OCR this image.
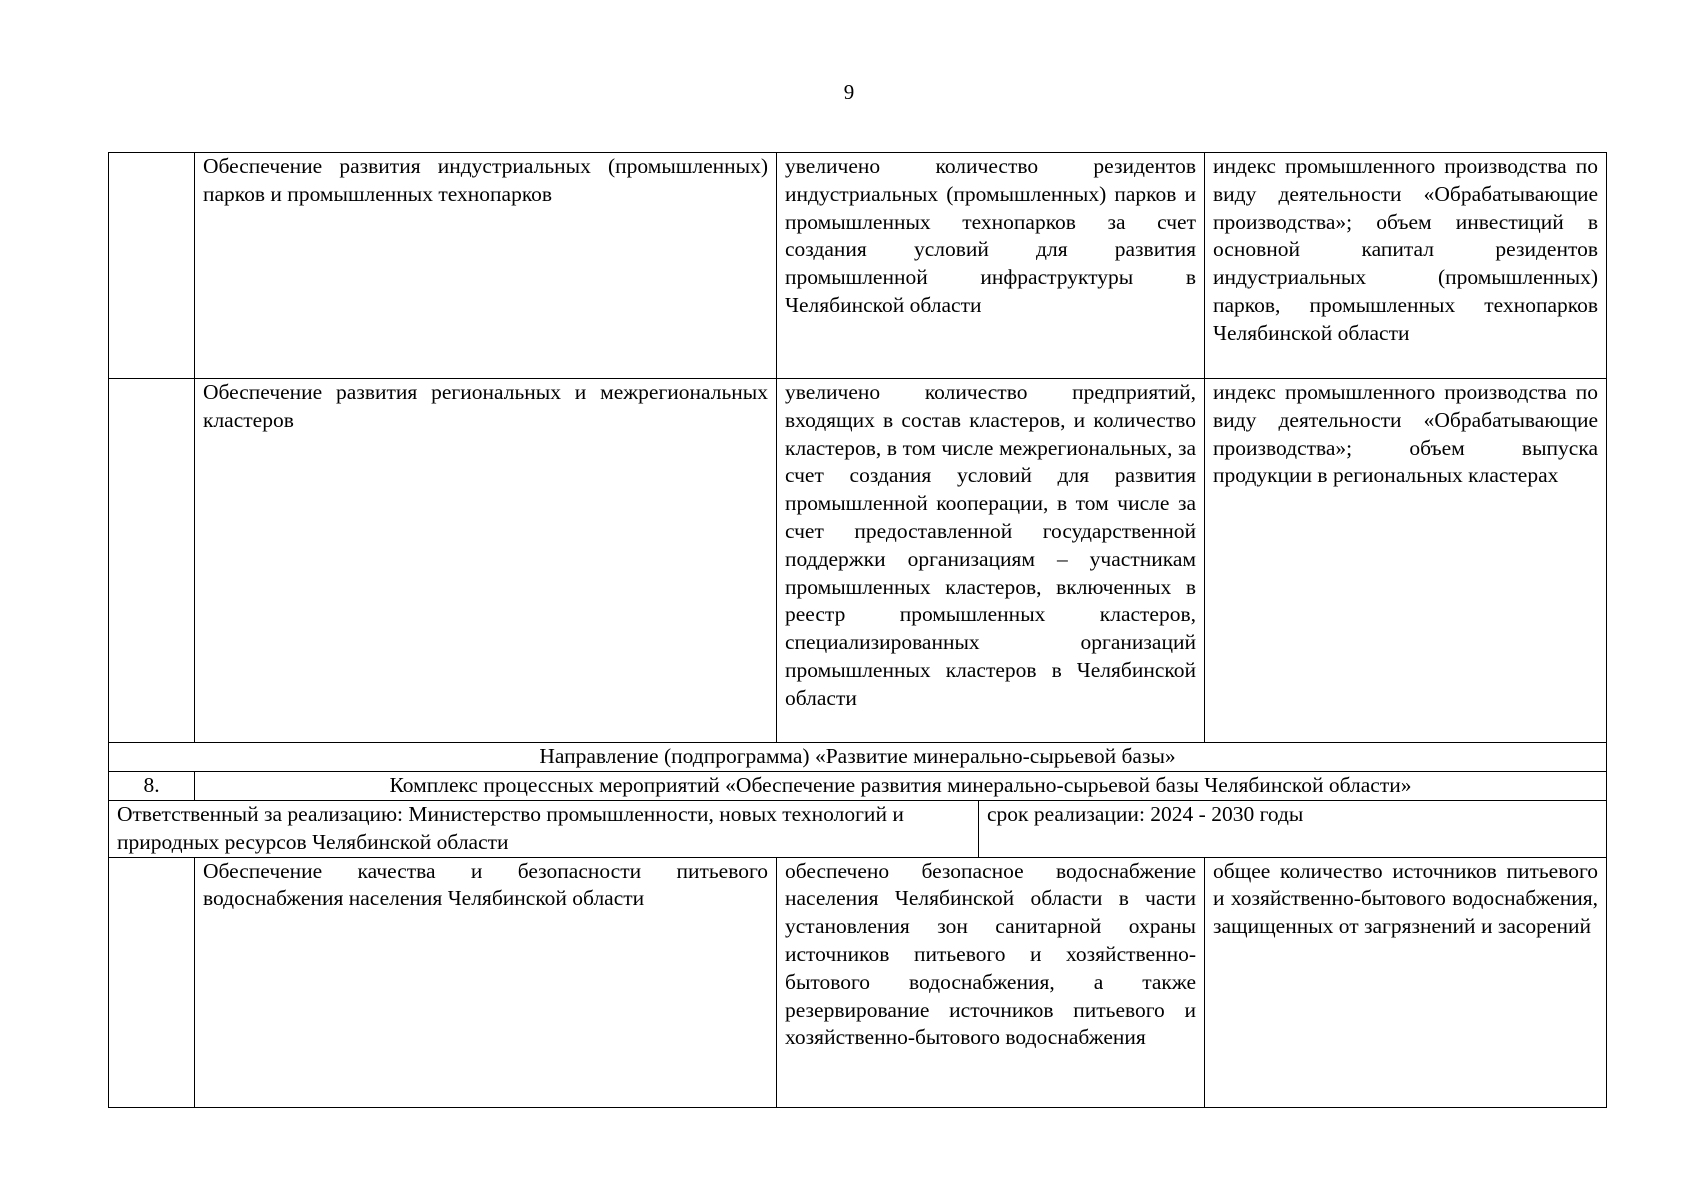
9
	Обеспечение развития индустриальных (промышленных) парков и промышленных технопарков	увеличено количество резидентов индустриальных (промышленных) парков и промышленных технопарков за счет создания условий для развития промышленной инфраструктуры в Челябинской области		индекс промышленного производства по виду деятельности «Обрабатывающие производства»; объем инвестиций в основной капитал резидентов индустриальных (промышленных) парков, промышленных технопарков Челябинской области
	Обеспечение развития региональных и межрегиональных кластеров	увеличено количество предприятий, входящих в состав кластеров, и количество кластеров, в том числе межрегиональных, за счет создания условий для развития промышленной кооперации, в том числе за счет предоставленной государственной поддержки организациям – участникам промышленных кластеров, включенных в реестр промышленных кластеров, специализированных организаций промышленных кластеров в Челябинской области		индекс промышленного производства по виду деятельности «Обрабатывающие производства»; объем выпуска продукции в региональных кластерах
Направление (подпрограмма) «Развитие минерально-сырьевой базы»				
8.	Комплекс процессных мероприятий «Обеспечение развития минерально-сырьевой базы Челябинской области»			
Ответственный за реализацию: Министерство промышленности, новых технологий и природных ресурсов Челябинской области			срок реализации: 2024 - 2030 годы	
	Обеспечение качества и безопасности питьевого водоснабжения населения Челябинской области	обеспечено безопасное водоснабжение населения Челябинской области в части установления зон санитарной охраны источников питьевого и хозяйственно-бытового водоснабжения, а также резервирование источников питьевого и хозяйственно-бытового водоснабжения		общее количество источников питьевого и хозяйственно-бытового водоснабжения, защищенных от загрязнений и засорений
